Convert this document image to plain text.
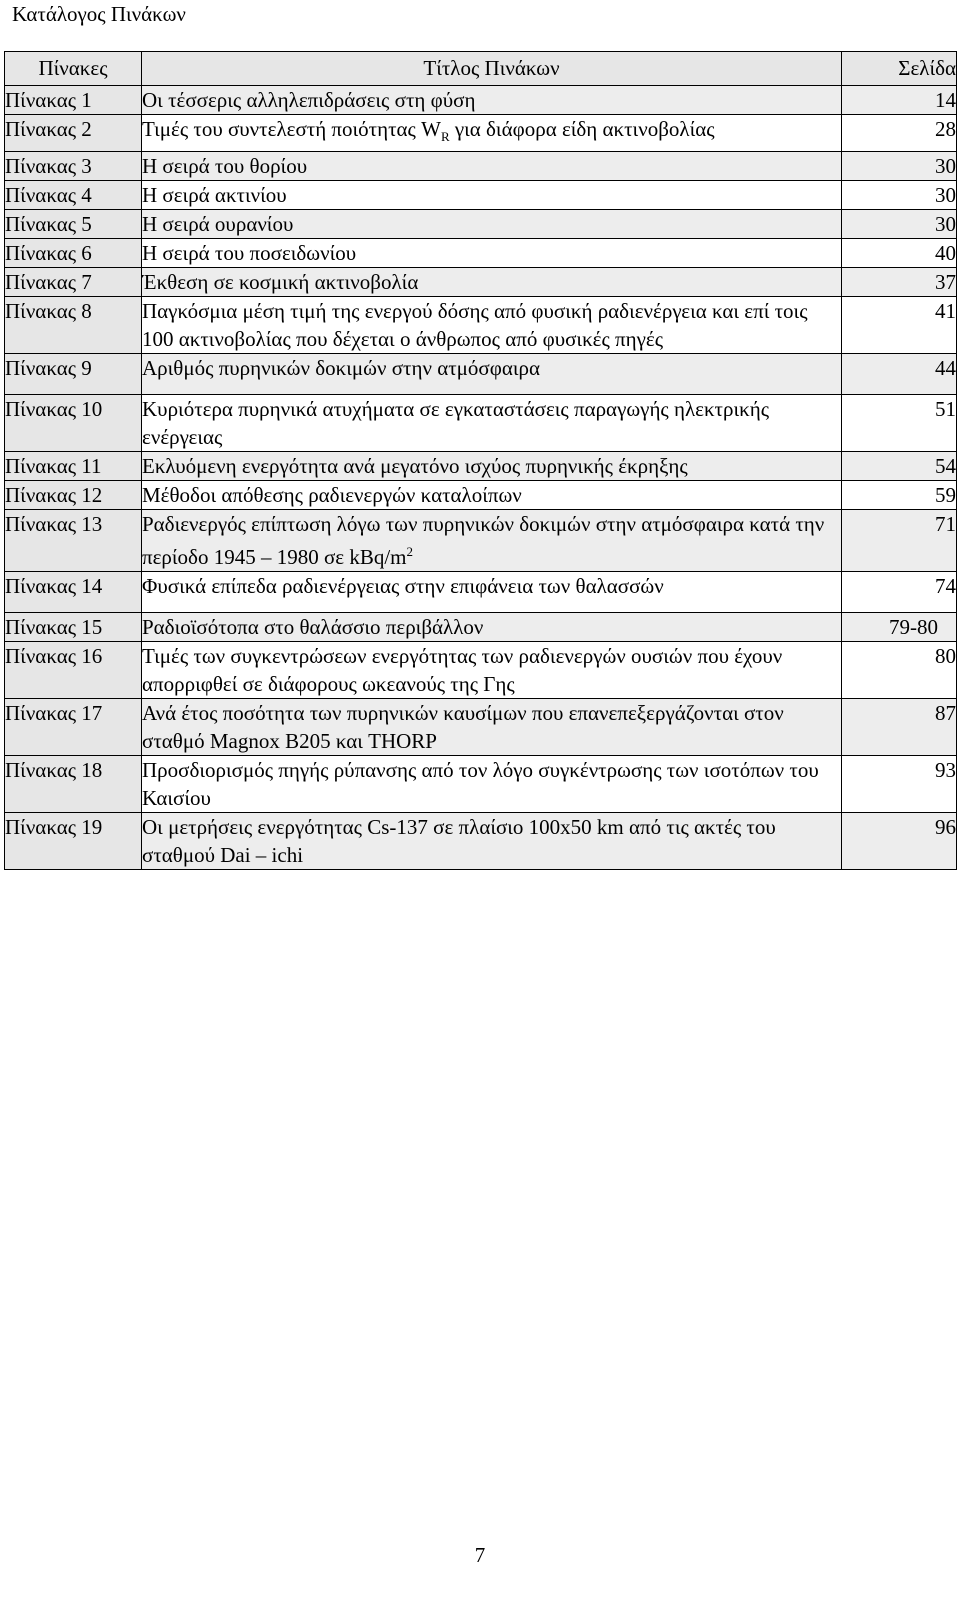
Κατάλογος Πινάκων
Πίνακες	Τίτλος Πινάκων	Σελίδα
Πίνακας 1	Οι τέσσερις αλληλεπιδράσεις στη φύση	14
Πίνακας 2	Τιμές του συντελεστή ποιότητας $W_R$ για διάφορα είδη ακτινοβολίας	28
Πίνακας 3	Η σειρά του θορίου	30
Πίνακας 4	Η σειρά ακτινίου	30
Πίνακας 5	Η σειρά ουρανίου	30
Πίνακας 6	Η σειρά του ποσειδωνίου	40
Πίνακας 7	Έκθεση σε κοσμική ακτινοβολία	37
Πίνακας 8	Παγκόσμια μέση τιμή της ενεργού δόσης από φυσική ραδιενέργεια και επί τοις 100 ακτινοβολίας που δέχεται ο άνθρωπος από φυσικές πηγές	41
Πίνακας 9	Αριθμός πυρηνικών δοκιμών στην ατμόσφαιρα	44
Πίνακας 10	Κυριότερα πυρηνικά ατυχήματα σε εγκαταστάσεις παραγωγής ηλεκτρικής ενέργειας	51
Πίνακας 11	Εκλυόμενη ενεργότητα ανά μεγατόνο ισχύος πυρηνικής έκρηξης	54
Πίνακας 12	Μέθοδοι απόθεσης ραδιενεργών καταλοίπων	59
Πίνακας 13	Ραδιενεργός επίπτωση λόγω των πυρηνικών δοκιμών στην ατμόσφαιρα κατά την περίοδο 1945 – 1980 σε kBq/$m^2$	71
Πίνακας 14	Φυσικά επίπεδα ραδιενέργειας στην επιφάνεια των θαλασσών	74
Πίνακας 15	Ραδιοϊσότοπα στο θαλάσσιο περιβάλλον	79-80
Πίνακας 16	Τιμές των συγκεντρώσεων ενεργότητας των ραδιενεργών ουσιών που έχουν απορριφθεί σε διάφορους ωκεανούς της Γης	80
Πίνακας 17	Ανά έτος ποσότητα των πυρηνικών καυσίμων που επανεπεξεργάζονται στον σταθμό Magnox B205 και THORP	87
Πίνακας 18	Προσδιορισμός πηγής ρύπανσης από τον λόγο συγκέντρωσης των ισοτόπων του Καισίου	93
Πίνακας 19	Οι μετρήσεις ενεργότητας Cs-137 σε πλαίσιο 100x50 km από τις ακτές του σταθμού Dai – ichi	96
7
